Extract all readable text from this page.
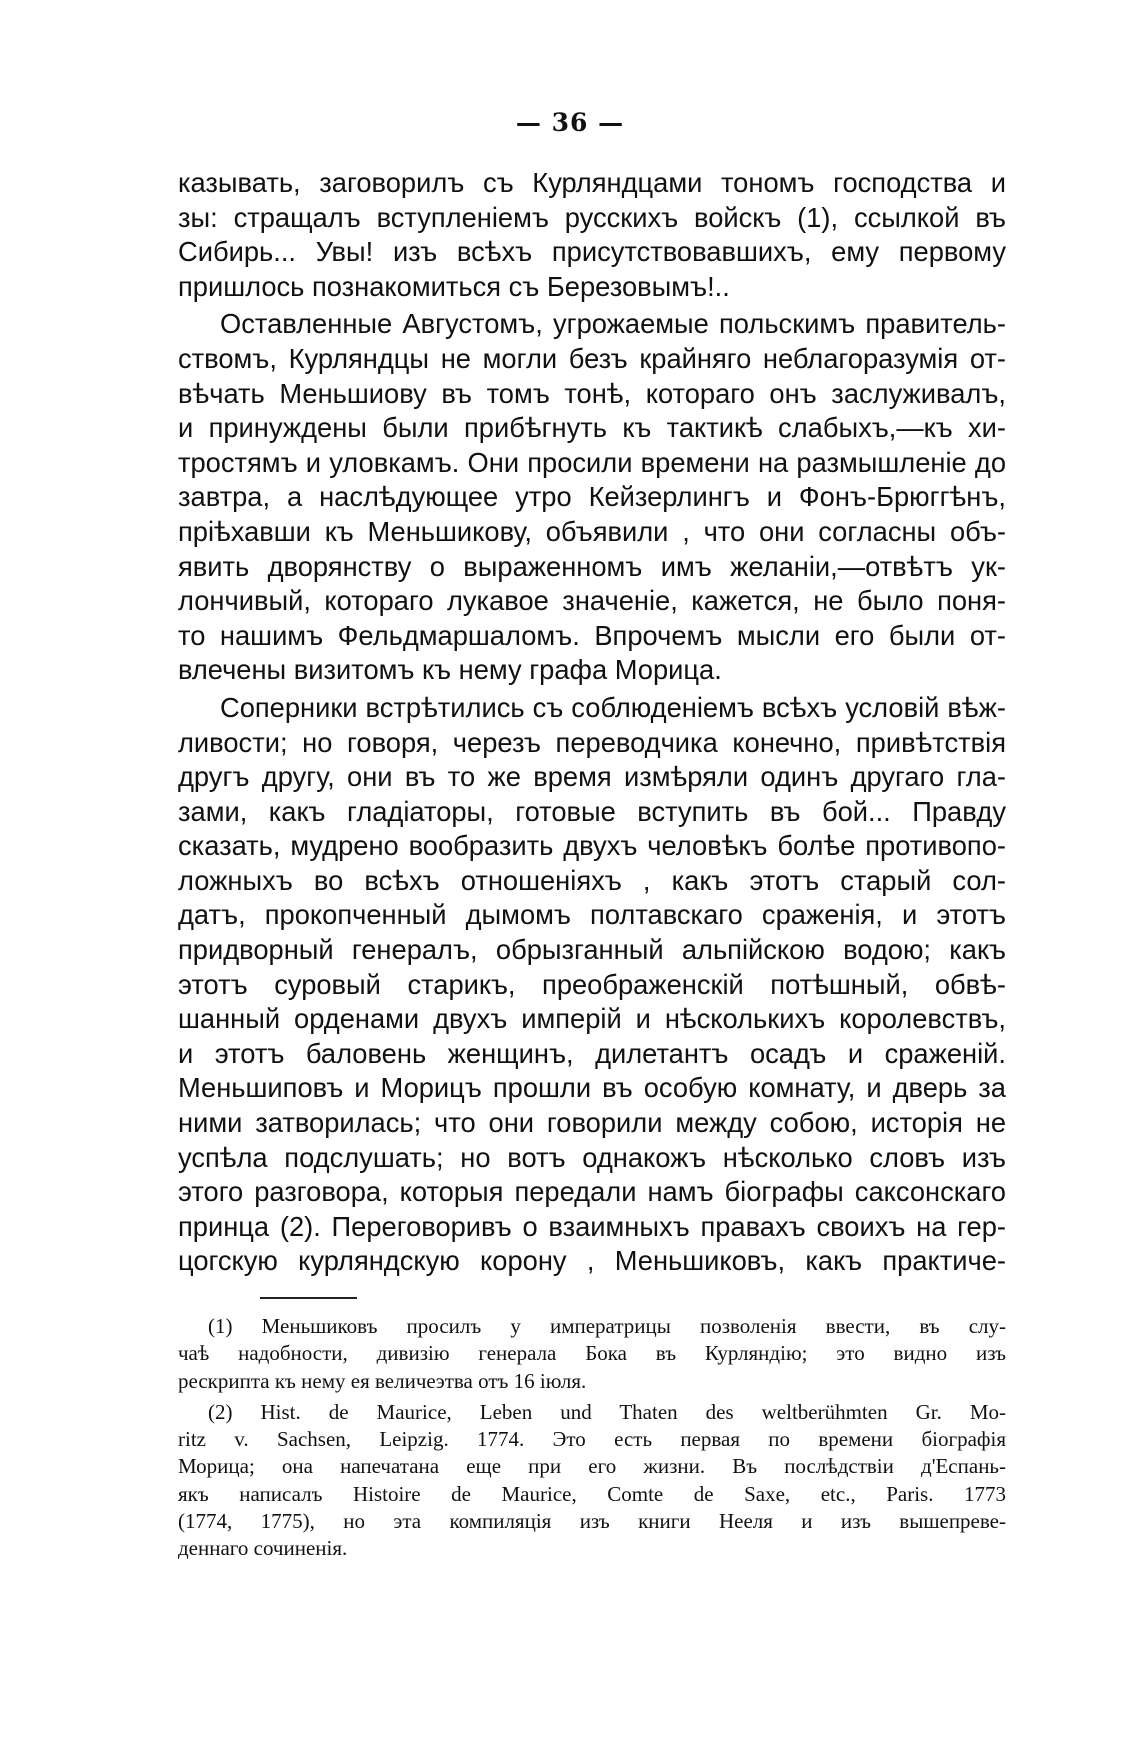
— 36 —
казывать, заговорилъ съ Курляндцами тономъ господства и
зы: стращалъ вступленіемъ русскихъ войскъ (1), ссылкой въ
Сибирь... Увы! изъ всѣхъ присутствовавшихъ, ему первому
пришлось познакомиться съ Березовымъ!..
Оставленные Августомъ, угрожаемые польскимъ правитель-
ствомъ, Курляндцы не могли безъ крайняго неблагоразумія от-
вѣчать Меньшиову въ томъ тонѣ, котораго онъ заслуживалъ,
и принуждены были прибѣгнуть къ тактикѣ слабыхъ,—къ хи-
тростямъ и уловкамъ. Они просили времени на размышленіе до
завтра, а наслѣдующее утро Кейзерлингъ и Фонъ-Брюггѣнъ,
пріѣхавши къ Меньшикову, объявили , что они согласны объ-
явить дворянству о выраженномъ имъ желаніи,—отвѣтъ ук-
лончивый, котораго лукавое значеніе, кажется, не было поня-
то нашимъ Фельдмаршаломъ. Впрочемъ мысли его были от-
влечены визитомъ къ нему графа Морица.
Соперники встрѣтились съ соблюденіемъ всѣхъ условій вѣж-
ливости; но говоря, черезъ переводчика конечно, привѣтствія
другъ другу, они въ то же время измѣряли одинъ другаго гла-
зами, какъ гладіаторы, готовые вступить въ бой... Правду
сказать, мудрено вообразить двухъ человѣкъ болѣе противопо-
ложныхъ во всѣхъ отношеніяхъ , какъ этотъ старый сол-
датъ, прокопченный дымомъ полтавскаго сраженія, и этотъ
придворный генералъ, обрызганный альпійскою водою; какъ
этотъ суровый старикъ, преображенскій потѣшный, обвѣ-
шанный орденами двухъ имперій и нѣсколькихъ королевствъ,
и этотъ баловень женщинъ, дилетантъ осадъ и сраженій.
Меньшиповъ и Морицъ прошли въ особую комнату, и дверь за
ними затворилась; что они говорили между собою, исторія не
успѣла подслушать; но вотъ однакожъ нѣсколько словъ изъ
этого разговора, которыя передали намъ біографы саксонскаго
принца (2). Переговоривъ о взаимныхъ правахъ своихъ на гер-
цогскую курляндскую корону , Меньшиковъ, какъ практиче-
(1) Меньшиковъ просилъ у императрицы позволенія ввести, въ слу-
чаѣ надобности, дивизію генерала Бока въ Курляндію; это видно изъ
рескрипта къ нему ея величеэтва отъ 16 іюля.
(2) Hist. de Maurice, Leben und Thaten des weltberühmten Gr. Mo-
ritz v. Sachsen, Leipzig. 1774. Это есть первая по времени біографія
Морица; она напечатана еще при его жизни. Въ послѣдствіи д'Еспань-
якъ написалъ Histoire de Maurice, Comte de Saxe, etc., Paris. 1773
(1774, 1775), но эта компиляція изъ книги Неeля и изъ вышепреве-
деннаго сочиненія.
